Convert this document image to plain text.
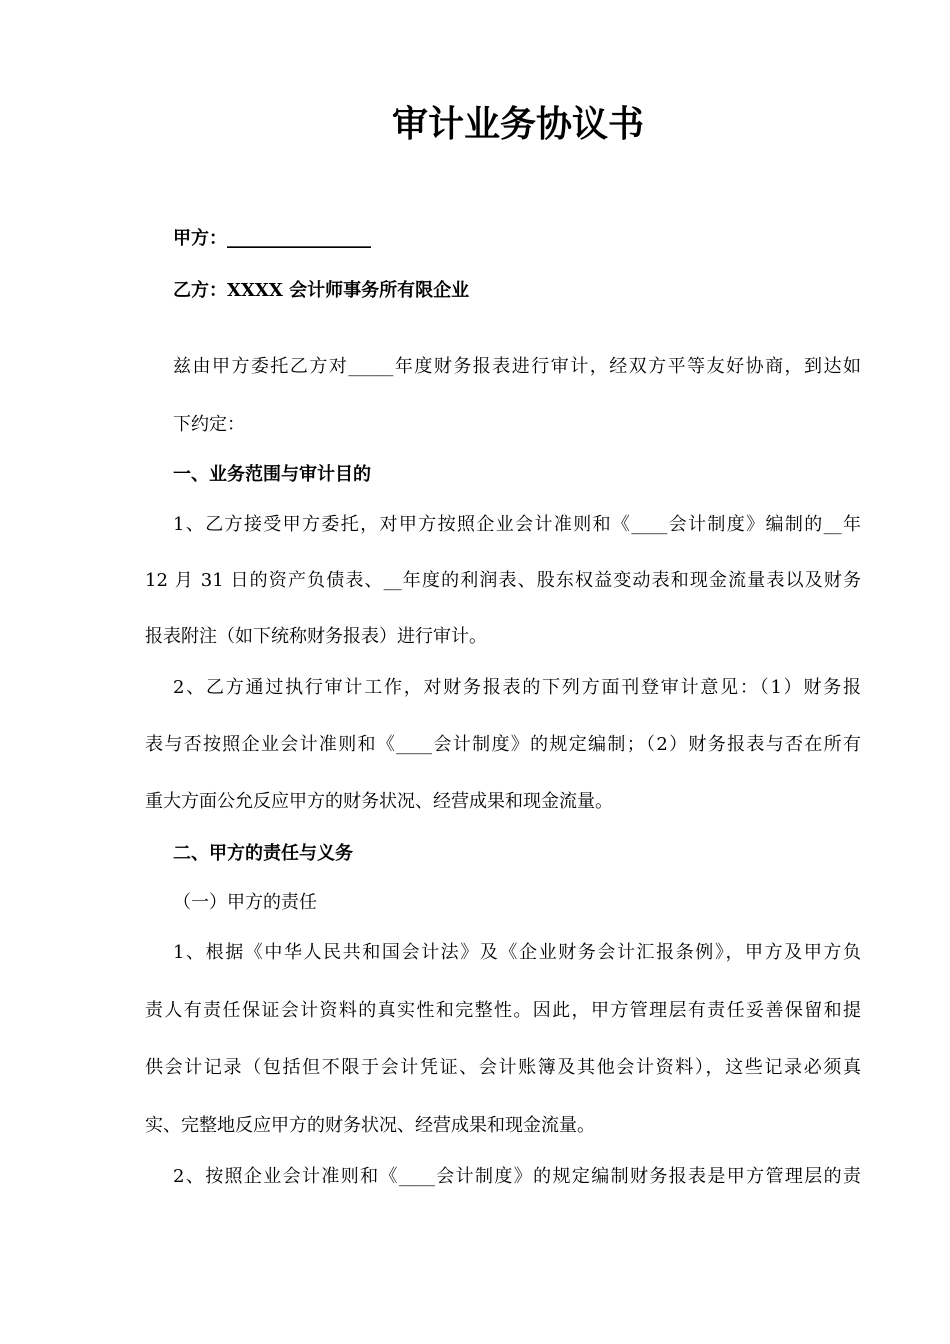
审计业务协议书
甲方：________________
乙方：XXXX 会计师事务所有限企业
兹由甲方委托乙方对_____年度财务报表进行审计，经双方平等友好协商，到达如
下约定：
一、业务范围与审计目的
1、乙方接受甲方委托，对甲方按照企业会计准则和《____会计制度》编制的__年
12 月 31 日的资产负债表、__年度的利润表、股东权益变动表和现金流量表以及财务
报表附注（如下统称财务报表）进行审计。
2、乙方通过执行审计工作，对财务报表的下列方面刊登审计意见：（1）财务报
表与否按照企业会计准则和《____会计制度》的规定编制；（2）财务报表与否在所有
重大方面公允反应甲方的财务状况、经营成果和现金流量。
二、甲方的责任与义务
（一）甲方的责任
1、根据《中华人民共和国会计法》及《企业财务会计汇报条例》，甲方及甲方负
责人有责任保证会计资料的真实性和完整性。因此，甲方管理层有责任妥善保留和提
供会计记录（包括但不限于会计凭证、会计账簿及其他会计资料），这些记录必须真
实、完整地反应甲方的财务状况、经营成果和现金流量。
2、按照企业会计准则和《____会计制度》的规定编制财务报表是甲方管理层的责
